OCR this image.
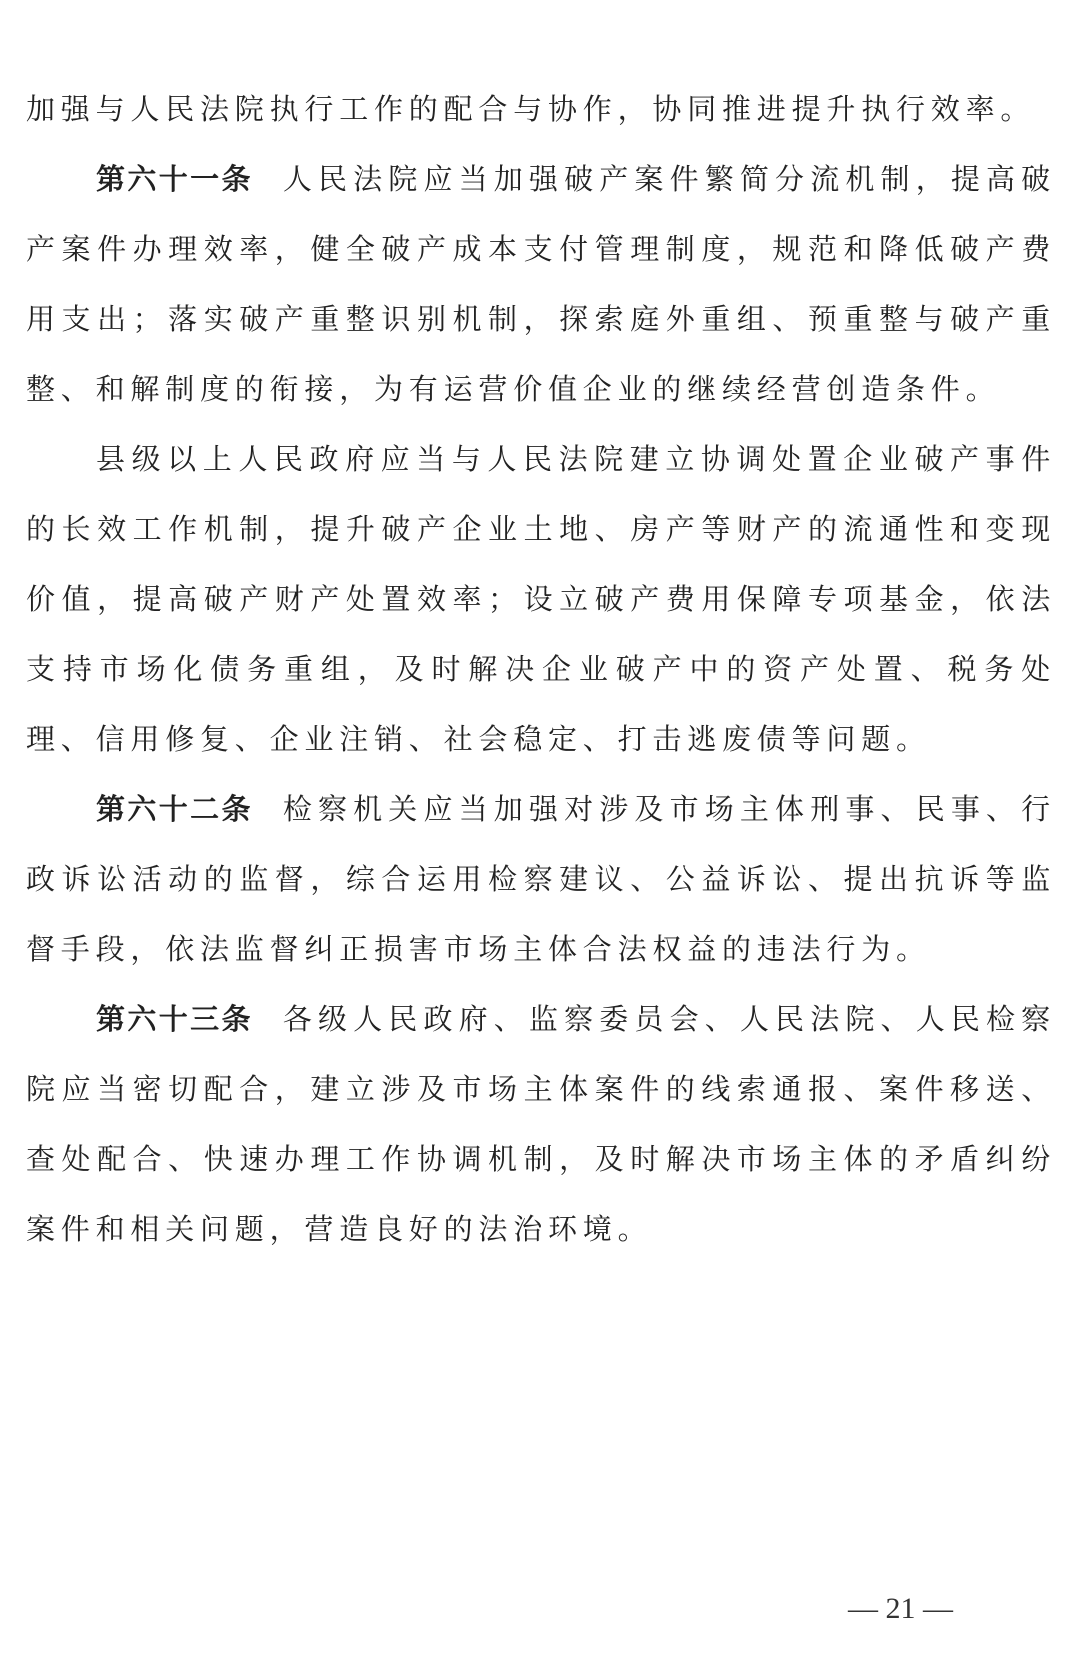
加强与人民法院执行工作的配合与协作，协同推进提升执行效率。

第六十一条 人民法院应当加强破产案件繁简分流机制，提高破产案件办理效率，健全破产成本支付管理制度，规范和降低破产费用支出；落实破产重整识别机制，探索庭外重组、预重整与破产重整、和解制度的衔接，为有运营价值企业的继续经营创造条件。

县级以上人民政府应当与人民法院建立协调处置企业破产事件的长效工作机制，提升破产企业土地、房产等财产的流通性和变现价值，提高破产财产处置效率；设立破产费用保障专项基金，依法支持市场化债务重组，及时解决企业破产中的资产处置、税务处理、信用修复、企业注销、社会稳定、打击逃废债等问题。

第六十二条 检察机关应当加强对涉及市场主体刑事、民事、行政诉讼活动的监督，综合运用检察建议、公益诉讼、提出抗诉等监督手段，依法监督纠正损害市场主体合法权益的违法行为。

第六十三条 各级人民政府、监察委员会、人民法院、人民检察院应当密切配合，建立涉及市场主体案件的线索通报、案件移送、查处配合、快速办理工作协调机制，及时解决市场主体的矛盾纠纷案件和相关问题，营造良好的法治环境。

— 21 —
